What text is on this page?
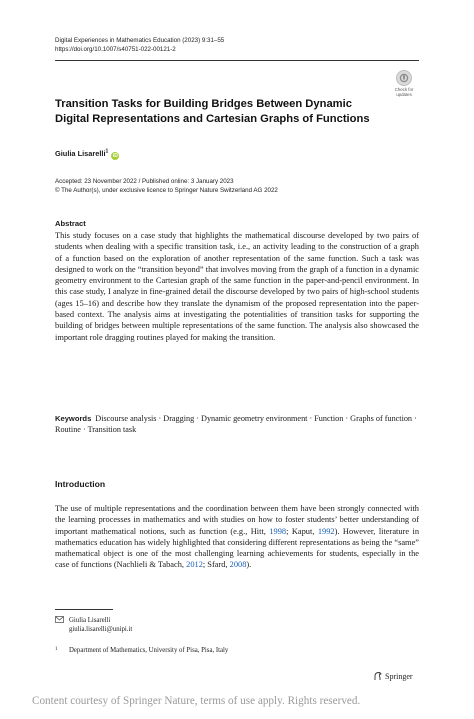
Digital Experiences in Mathematics Education (2023) 9:31–55
https://doi.org/10.1007/s40751-022-00121-2
Check for updates
Transition Tasks for Building Bridges Between Dynamic Digital Representations and Cartesian Graphs of Functions
Giulia Lisarelli$^1$ iD
Accepted: 23 November 2022 / Published online: 3 January 2023
© The Author(s), under exclusive licence to Springer Nature Switzerland AG 2022
Abstract

This study focuses on a case study that highlights the mathematical discourse developed by two pairs of students when dealing with a specific transition task, i.e., an activity leading to the construction of a graph of a function based on the exploration of another representation of the same function. Such a task was designed to work on the “transition beyond” that involves moving from the graph of a function in a dynamic geometry environment to the Cartesian graph of the same function in the paper-and-pencil environment. In this case study, I analyze in fine-grained detail the discourse developed by two pairs of high-school students (ages 15–16) and describe how they translate the dynamism of the proposed representation into the paper-based context. The analysis aims at investigating the potentialities of transition tasks for supporting the building of bridges between multiple representations of the same function. The analysis also showcased the important role dragging routines played for making the transition.

Keywords Discourse analysis · Dragging · Dynamic geometry environment · Function · Graphs of function · Routine · Transition task

Introduction

The use of multiple representations and the coordination between them have been strongly connected with the learning processes in mathematics and with studies on how to foster students’ better understanding of important mathematical notions, such as function (e.g., Hitt, 1998; Kaput, 1992). However, literature in mathematics education has widely highlighted that considering different representations as being the “same” mathematical object is one of the most challenging learning achievements for students, especially in the case of functions (Nachlieli & Tabach, 2012; Sfard, 2008).

Giulia Lisarelli
giulia.lisarelli@unipi.it
1 Department of Mathematics, University of Pisa, Pisa, Italy
Springer
Content courtesy of Springer Nature, terms of use apply. Rights reserved.
